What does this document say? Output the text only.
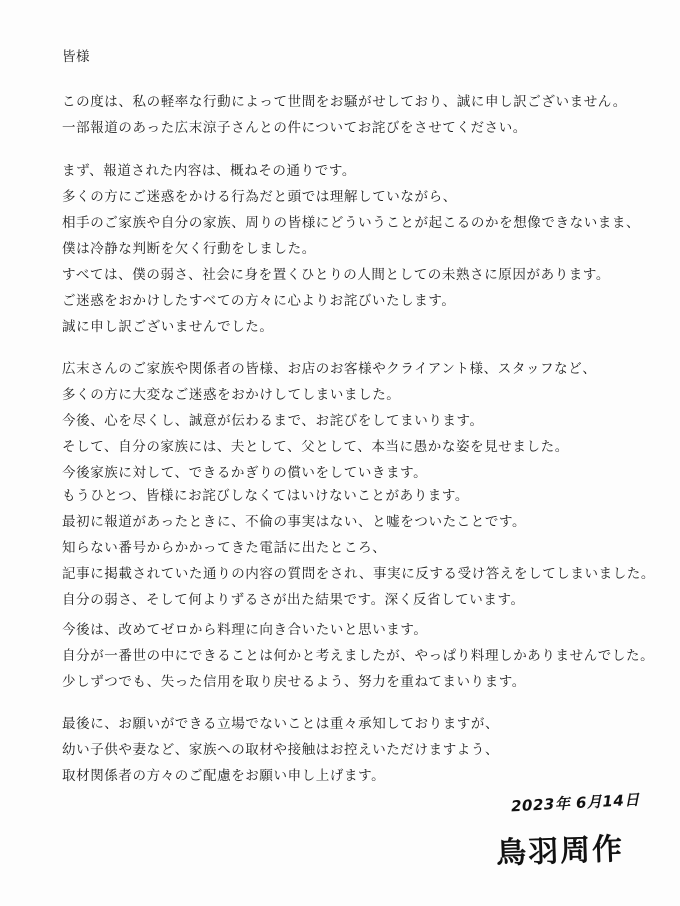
皆様

この度は、私の軽率な行動によって世間をお騒がせしており、誠に申し訳ございません。
一部報道のあった広末涼子さんとの件についてお詫びをさせてください。

まず、報道された内容は、概ねその通りです。
多くの方にご迷惑をかける行為だと頭では理解していながら、
相手のご家族や自分の家族、周りの皆様にどういうことが起こるのかを想像できないまま、
僕は冷静な判断を欠く行動をしました。

すべては、僕の弱さ、社会に身を置くひとりの人間としての未熟さに原因があります。
ご迷惑をおかけしたすべての方々に心よりお詫びいたします。
誠に申し訳ございませんでした。

広末さんのご家族や関係者の皆様、お店のお客様やクライアント様、スタッフなど、
多くの方に大変なご迷惑をおかけしてしまいました。
今後、心を尽くし、誠意が伝わるまで、お詫びをしてまいります。
そして、自分の家族には、夫として、父として、本当に愚かな姿を見せました。
今後家族に対して、できるかぎりの償いをしていきます。

もうひとつ、皆様にお詫びしなくてはいけないことがあります。
最初に報道があったときに、不倫の事実はない、と嘘をついたことです。
知らない番号からかかってきた電話に出たところ、
記事に掲載されていた通りの内容の質問をされ、事実に反する受け答えをしてしまいました。
自分の弱さ、そして何よりずるさが出た結果です。深く反省しています。

今後は、改めてゼロから料理に向き合いたいと思います。
自分が一番世の中にできることは何かと考えましたが、やっぱり料理しかありませんでした。
少しずつでも、失った信用を取り戻せるよう、努力を重ねてまいります。

最後に、お願いができる立場でないことは重々承知しておりますが、
幼い子供や妻など、家族への取材や接触はお控えいただけますよう、
取材関係者の方々のご配慮をお願い申し上げます。

2023年 6月14日
鳥羽周作
